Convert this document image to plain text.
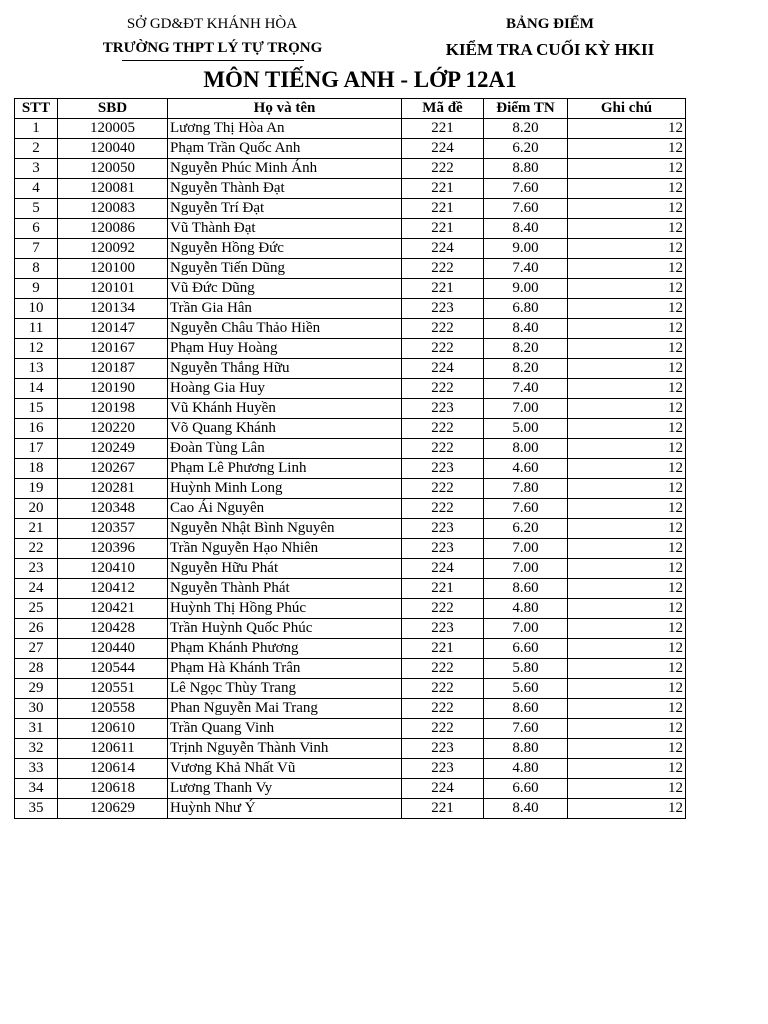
SỞ GD&ĐT KHÁNH HÒA
TRƯỜNG THPT LÝ TỰ TRỌNG
BẢNG ĐIỂM
KIỂM TRA CUỐI KỲ HKII
MÔN TIẾNG ANH - LỚP 12A1
STT	SBD	Họ và tên	Mã đề	Điểm TN	Ghi chú
1	120005	Lương Thị Hòa An	221	8.20	12
2	120040	Phạm Trần Quốc Anh	224	6.20	12
3	120050	Nguyễn Phúc Minh Ánh	222	8.80	12
4	120081	Nguyễn Thành Đạt	221	7.60	12
5	120083	Nguyễn Trí Đạt	221	7.60	12
6	120086	Vũ Thành Đạt	221	8.40	12
7	120092	Nguyễn Hồng Đức	224	9.00	12
8	120100	Nguyễn Tiến Dũng	222	7.40	12
9	120101	Vũ Đức Dũng	221	9.00	12
10	120134	Trần Gia Hân	223	6.80	12
11	120147	Nguyễn Châu Thảo Hiền	222	8.40	12
12	120167	Phạm Huy Hoàng	222	8.20	12
13	120187	Nguyễn Thắng Hữu	224	8.20	12
14	120190	Hoàng Gia Huy	222	7.40	12
15	120198	Vũ Khánh Huyền	223	7.00	12
16	120220	Võ Quang Khánh	222	5.00	12
17	120249	Đoàn Tùng Lân	222	8.00	12
18	120267	Phạm Lê Phương Linh	223	4.60	12
19	120281	Huỳnh Minh Long	222	7.80	12
20	120348	Cao Ái Nguyên	222	7.60	12
21	120357	Nguyễn Nhật Bình Nguyên	223	6.20	12
22	120396	Trần Nguyễn Hạo Nhiên	223	7.00	12
23	120410	Nguyễn Hữu Phát	224	7.00	12
24	120412	Nguyễn Thành Phát	221	8.60	12
25	120421	Huỳnh Thị Hồng Phúc	222	4.80	12
26	120428	Trần Huỳnh Quốc Phúc	223	7.00	12
27	120440	Phạm Khánh Phương	221	6.60	12
28	120544	Phạm Hà Khánh Trân	222	5.80	12
29	120551	Lê Ngọc Thùy Trang	222	5.60	12
30	120558	Phan Nguyễn Mai Trang	222	8.60	12
31	120610	Trần Quang Vinh	222	7.60	12
32	120611	Trịnh Nguyễn Thành Vinh	223	8.80	12
33	120614	Vương Khả Nhất Vũ	223	4.80	12
34	120618	Lương Thanh Vy	224	6.60	12
35	120629	Huỳnh Như Ý	221	8.40	12
